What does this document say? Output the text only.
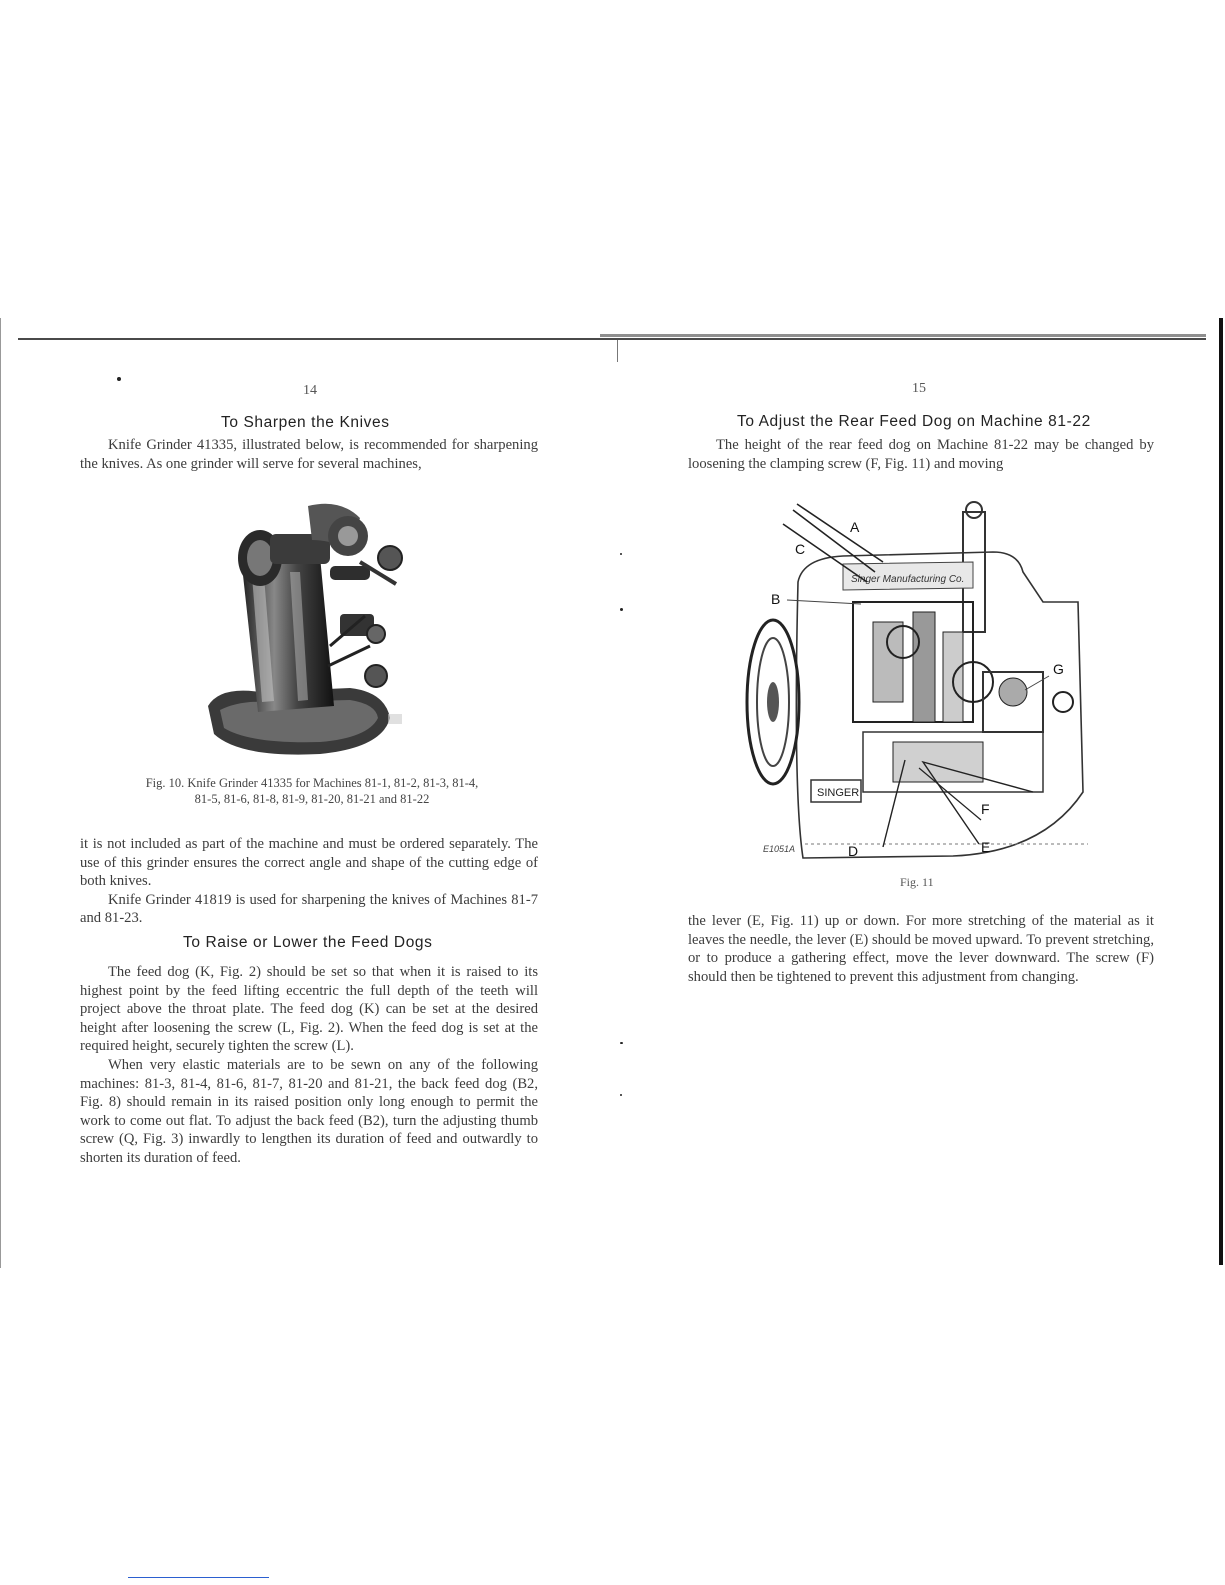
14
To Sharpen the Knives

Knife Grinder 41335, illustrated below, is recommended for sharpening the knives. As one grinder will serve for several machines,

Fig. 10. Knife Grinder 41335 for Machines 81-1, 81-2, 81-3, 81-4,
81-5, 81-6, 81-8, 81-9, 81-20, 81-21 and 81-22

it is not included as part of the machine and must be ordered separately. The use of this grinder ensures the correct angle and shape of the cutting edge of both knives.

Knife Grinder 41819 is used for sharpening the knives of Machines 81-7 and 81-23.

To Raise or Lower the Feed Dogs

The feed dog (K, Fig. 2) should be set so that when it is raised to its highest point by the feed lifting eccentric the full depth of the teeth will project above the throat plate. The feed dog (K) can be set at the desired height after loosening the screw (L, Fig. 2). When the feed dog is set at the required height, securely tighten the screw (L).

When very elastic materials are to be sewn on any of the following machines: 81-3, 81-4, 81-6, 81-7, 81-20 and 81-21, the back feed dog (B2, Fig. 8) should remain in its raised position only long enough to permit the work to come out flat. To adjust the back feed (B2), turn the adjusting thumb screw (Q, Fig. 3) inwardly to lengthen its duration of feed and outwardly to shorten its duration of feed.

15
To Adjust the Rear Feed Dog on Machine 81-22

The height of the rear feed dog on Machine 81-22 may be changed by loosening the clamping screw (F, Fig. 11) and moving

Singer Manufacturing Co.
SINGER
E1051A
A
B
C
D	E
F
G
Fig. 11

the lever (E, Fig. 11) up or down. For more stretching of the material as it leaves the needle, the lever (E) should be moved upward. To prevent stretching, or to produce a gathering effect, move the lever downward. The screw (F) should then be tightened to prevent this adjustment from changing.
